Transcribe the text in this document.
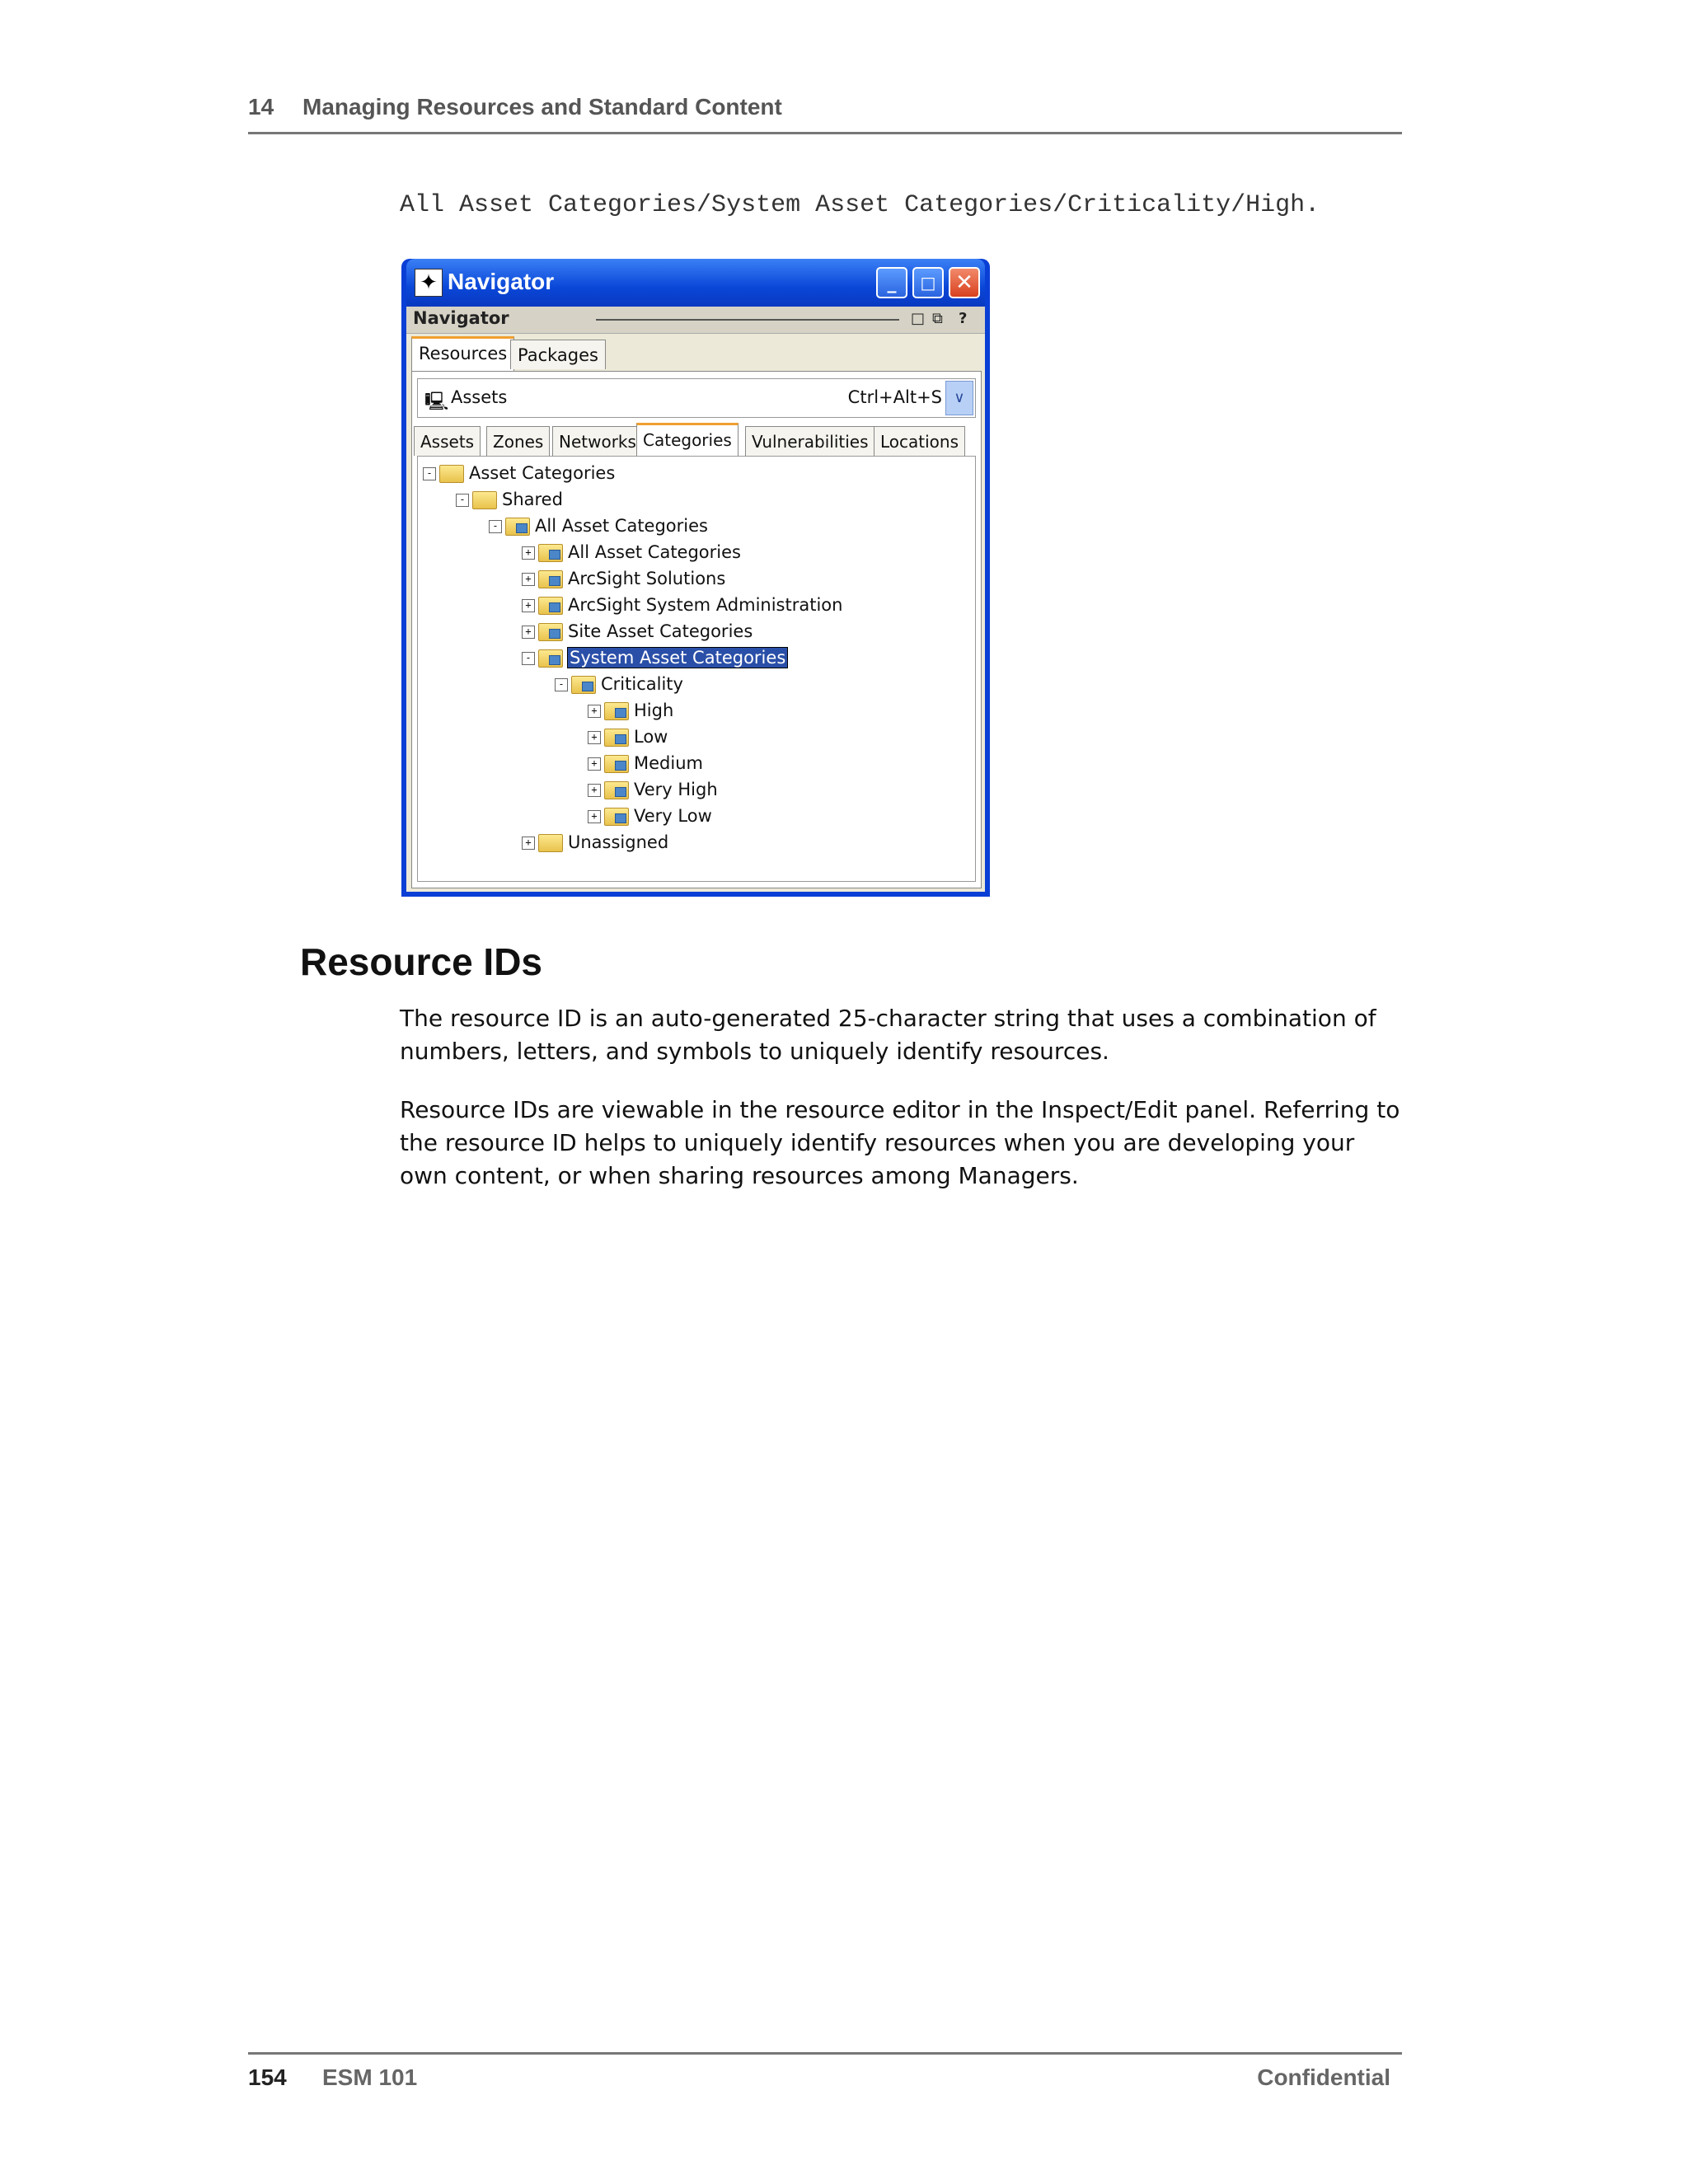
14 Managing Resources and Standard Content
All Asset Categories/System Asset Categories/Criticality/High.
✦ Navigator	_	□ ✕
Navigator	□ ⧉ ?
Resources Packages
🖳 Assets	Ctrl+Alt+S ∨
Assets	Zones Networks Categories	Vulnerabilities Locations
- Asset Categories
- Shared
- All Asset Categories
+ All Asset Categories
+ ArcSight Solutions
+ ArcSight System Administration
+ Site Asset Categories
- System Asset Categories
- Criticality
+ High
+ Low
+ Medium
+ Very High
+ Very Low
+ Unassigned
Resource IDs

The resource ID is an auto-generated 25-character string that uses a combination of numbers, letters, and symbols to uniquely identify resources.

Resource IDs are viewable in the resource editor in the Inspect/Edit panel. Referring to the resource ID helps to uniquely identify resources when you are developing your own content, or when sharing resources among Managers.

154 ESM 101	Confidential
